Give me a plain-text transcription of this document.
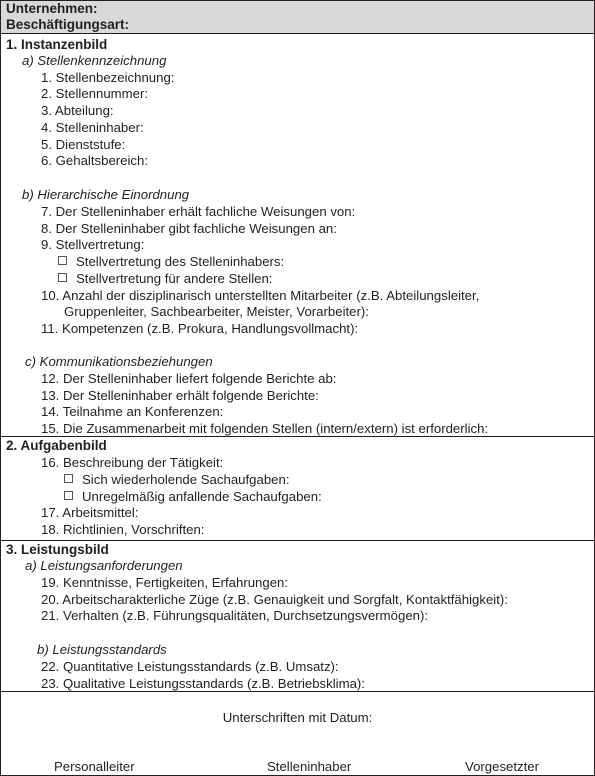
Unternehmen:
Beschäftigungsart:
1. Instanzenbild
a) Stellenkennzeichnung
1. Stellenbezeichnung:
2. Stellennummer:
3. Abteilung:
4. Stelleninhaber:
5. Dienststufe:
6. Gehaltsbereich:
b) Hierarchische Einordnung
7. Der Stelleninhaber erhält fachliche Weisungen von:
8. Der Stelleninhaber gibt fachliche Weisungen an:
9. Stellvertretung:
Stellvertretung des Stelleninhabers:
Stellvertretung für andere Stellen:
10. Anzahl der disziplinarisch unterstellten Mitarbeiter (z.B. Abteilungsleiter,
Gruppenleiter, Sachbearbeiter, Meister, Vorarbeiter):
11. Kompetenzen (z.B. Prokura, Handlungsvollmacht):
c) Kommunikationsbeziehungen
12. Der Stelleninhaber liefert folgende Berichte ab:
13. Der Stelleninhaber erhält folgende Berichte:
14. Teilnahme an Konferenzen:
15. Die Zusammenarbeit mit folgenden Stellen (intern/extern) ist erforderlich:
2. Aufgabenbild
16. Beschreibung der Tätigkeit:
Sich wiederholende Sachaufgaben:
Unregelmäßig anfallende Sachaufgaben:
17. Arbeitsmittel:
18. Richtlinien, Vorschriften:
3. Leistungsbild
a) Leistungsanforderungen
19. Kenntnisse, Fertigkeiten, Erfahrungen:
20. Arbeitscharakterliche Züge (z.B. Genauigkeit und Sorgfalt, Kontaktfähigkeit):
21. Verhalten (z.B. Führungsqualitäten, Durchsetzungsvermögen):
b) Leistungsstandards
22. Quantitative Leistungsstandards (z.B. Umsatz):
23. Qualitative Leistungsstandards (z.B. Betriebsklima):
Unterschriften mit Datum:
Personalleiter	Stelleninhaber	Vorgesetzter
